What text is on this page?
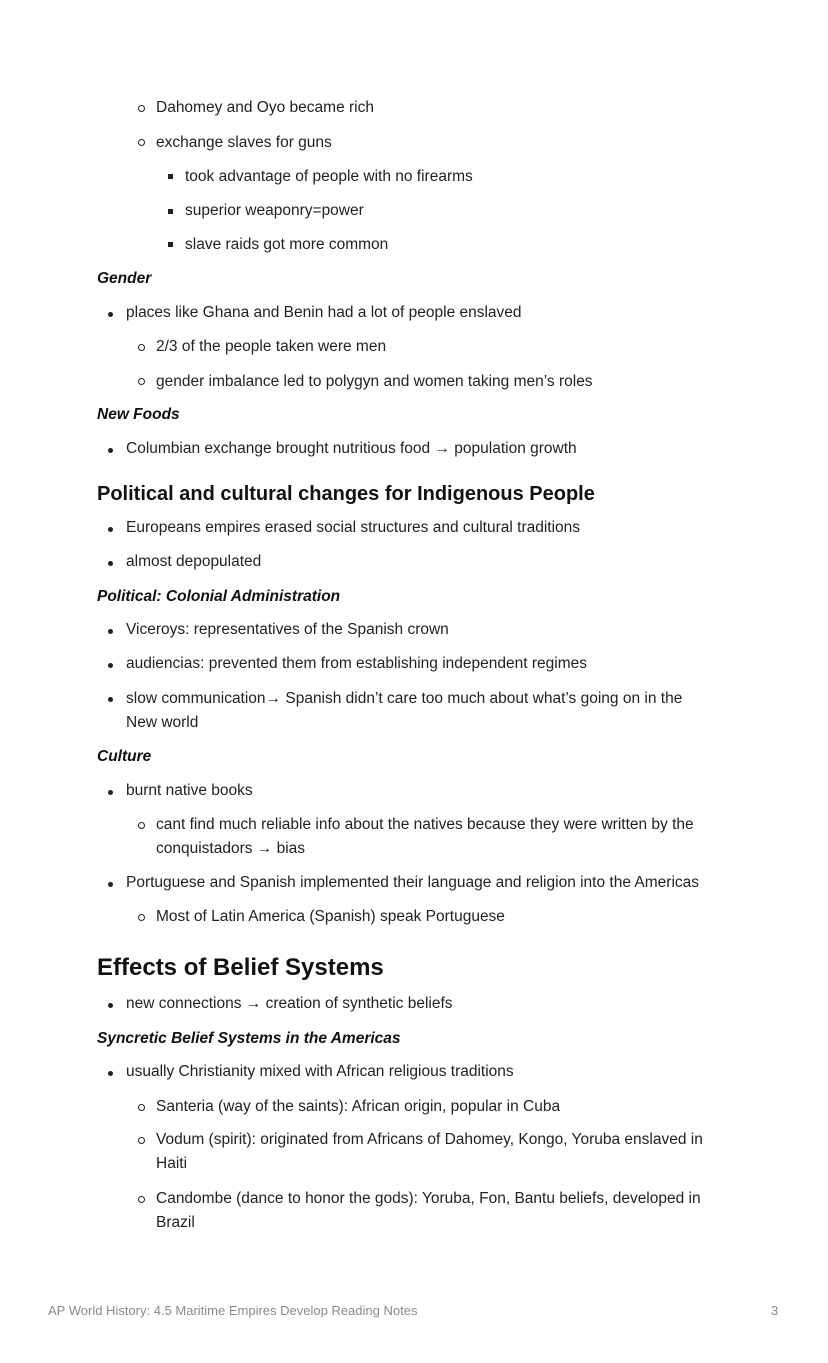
Dahomey and Oyo became rich
exchange slaves for guns
took advantage of people with no firearms
superior weaponry=power
slave raids got more common
Gender
places like Ghana and Benin had a lot of people enslaved
2/3 of the people taken were men
gender imbalance led to polygyn and women taking men’s roles
New Foods
Columbian exchange brought nutritious food → population growth
Political and cultural changes for Indigenous People
Europeans empires erased social structures and cultural traditions
almost depopulated
Political: Colonial Administration
Viceroys: representatives of the Spanish crown
audiencias: prevented them from establishing independent regimes
slow communication→ Spanish didn’t care too much about what’s going on in the
New world
Culture
burnt native books
cant find much reliable info about the natives because they were written by the
conquistadors → bias
Portuguese and Spanish implemented their language and religion into the Americas
Most of Latin America (Spanish) speak Portuguese
Effects of Belief Systems
new connections → creation of synthetic beliefs
Syncretic Belief Systems in the Americas
usually Christianity mixed with African religious traditions
Santeria (way of the saints): African origin, popular in Cuba
Vodum (spirit): originated from Africans of Dahomey, Kongo, Yoruba enslaved in
Haiti
Candombe (dance to honor the gods): Yoruba, Fon, Bantu beliefs, developed in
Brazil
AP World History: 4.5 Maritime Empires Develop Reading Notes	3
